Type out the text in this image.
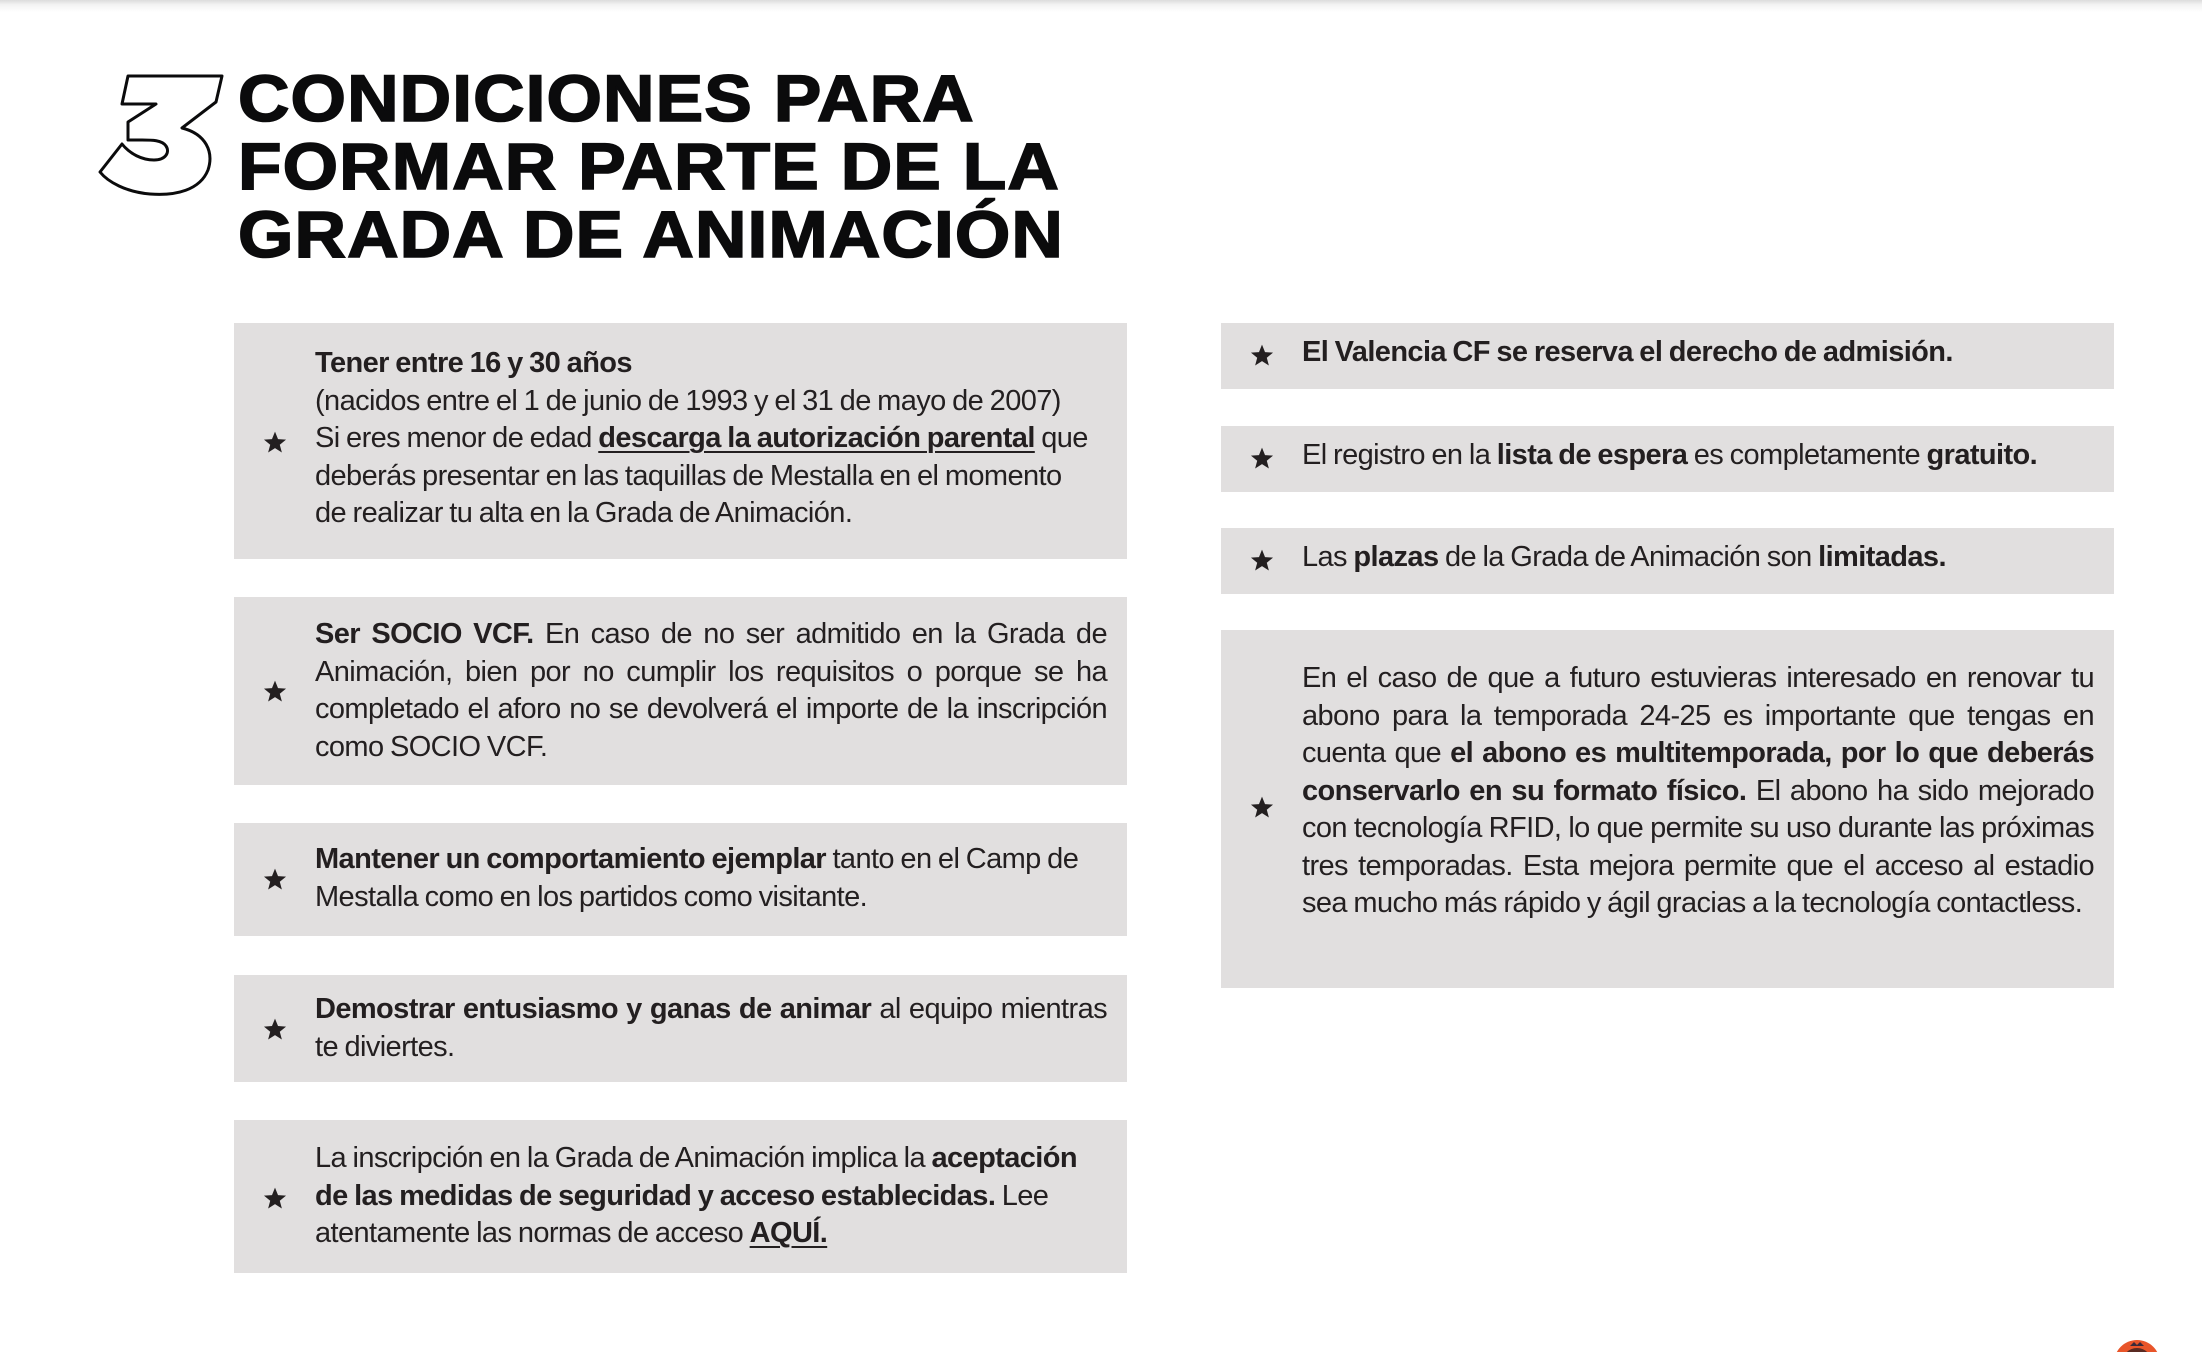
CONDICIONES PARA
FORMAR PARTE DE LA
GRADA DE ANIMACIÓN
Tener entre 16 y 30 años
(nacidos entre el 1 de junio de 1993 y el 31 de mayo de 2007)
Si eres menor de edad descarga la autorización parental que
deberás presentar en las taquillas de Mestalla en el momento
de realizar tu alta en la Grada de Animación.
Ser SOCIO VCF. En caso de no ser admitido en la Grada de Animación, bien por no cumplir los requisitos o porque se ha completado el aforo no se devolverá el importe de la inscripción como SOCIO VCF.
Mantener un comportamiento ejemplar tanto en el Camp de Mestalla como en los partidos como visitante.
Demostrar entusiasmo y ganas de animar al equipo mientras te diviertes.
La inscripción en la Grada de Animación implica la aceptación de las medidas de seguridad y acceso establecidas. Lee atentamente las normas de acceso AQUÍ.
El Valencia CF se reserva el derecho de admisión.
El registro en la lista de espera es completamente gratuito.
Las plazas de la Grada de Animación son limitadas.
En el caso de que a futuro estuvieras interesado en renovar tu abono para la temporada 24-25 es importante que tengas en cuenta que el abono es multitemporada, por lo que deberás conservarlo en su formato físico. El abono ha sido mejorado con tecnología RFID, lo que permite su uso durante las próximas tres temporadas. Esta mejora permite que el acceso al estadio sea mucho más rápido y ágil gracias a la tecnología contactless.
